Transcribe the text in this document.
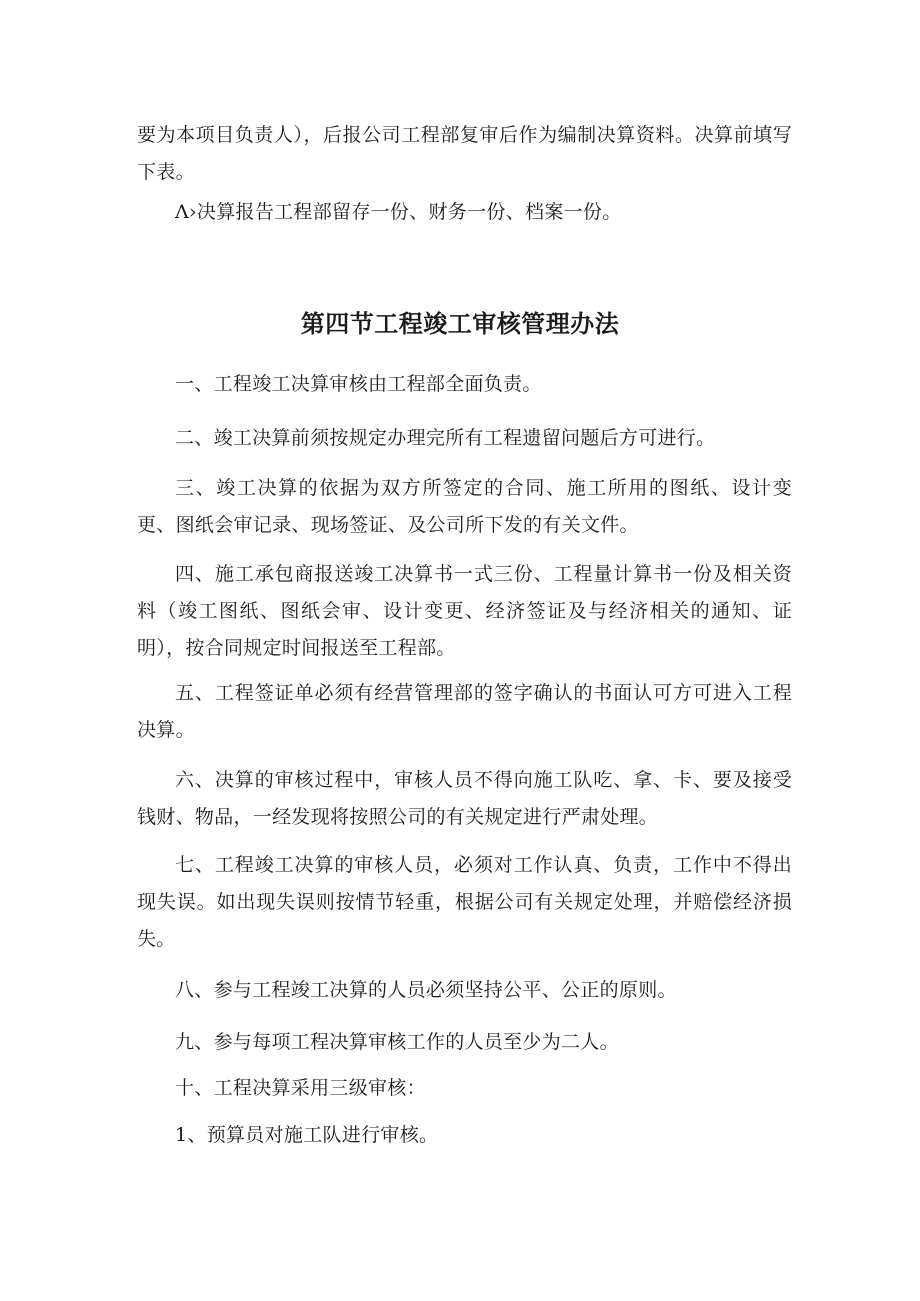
要为本项目负责人），后报公司工程部复审后作为编制决算资料。决算前填写下表。

Λ›决算报告工程部留存一份、财务一份、档案一份。

第四节工程竣工审核管理办法

一、工程竣工决算审核由工程部全面负责。

二、竣工决算前须按规定办理完所有工程遗留问题后方可进行。

三、竣工决算的依据为双方所签定的合同、施工所用的图纸、设计变更、图纸会审记录、现场签证、及公司所下发的有关文件。

四、施工承包商报送竣工决算书一式三份、工程量计算书一份及相关资料（竣工图纸、图纸会审、设计变更、经济签证及与经济相关的通知、证明），按合同规定时间报送至工程部。

五、工程签证单必须有经营管理部的签字确认的书面认可方可进入工程决算。

六、决算的审核过程中，审核人员不得向施工队吃、拿、卡、要及接受钱财、物品，一经发现将按照公司的有关规定进行严肃处理。

七、工程竣工决算的审核人员，必须对工作认真、负责，工作中不得出现失误。如出现失误则按情节轻重，根据公司有关规定处理，并赔偿经济损失。

八、参与工程竣工决算的人员必须坚持公平、公正的原则。

九、参与每项工程决算审核工作的人员至少为二人。

十、工程决算采用三级审核：

1、预算员对施工队进行审核。
